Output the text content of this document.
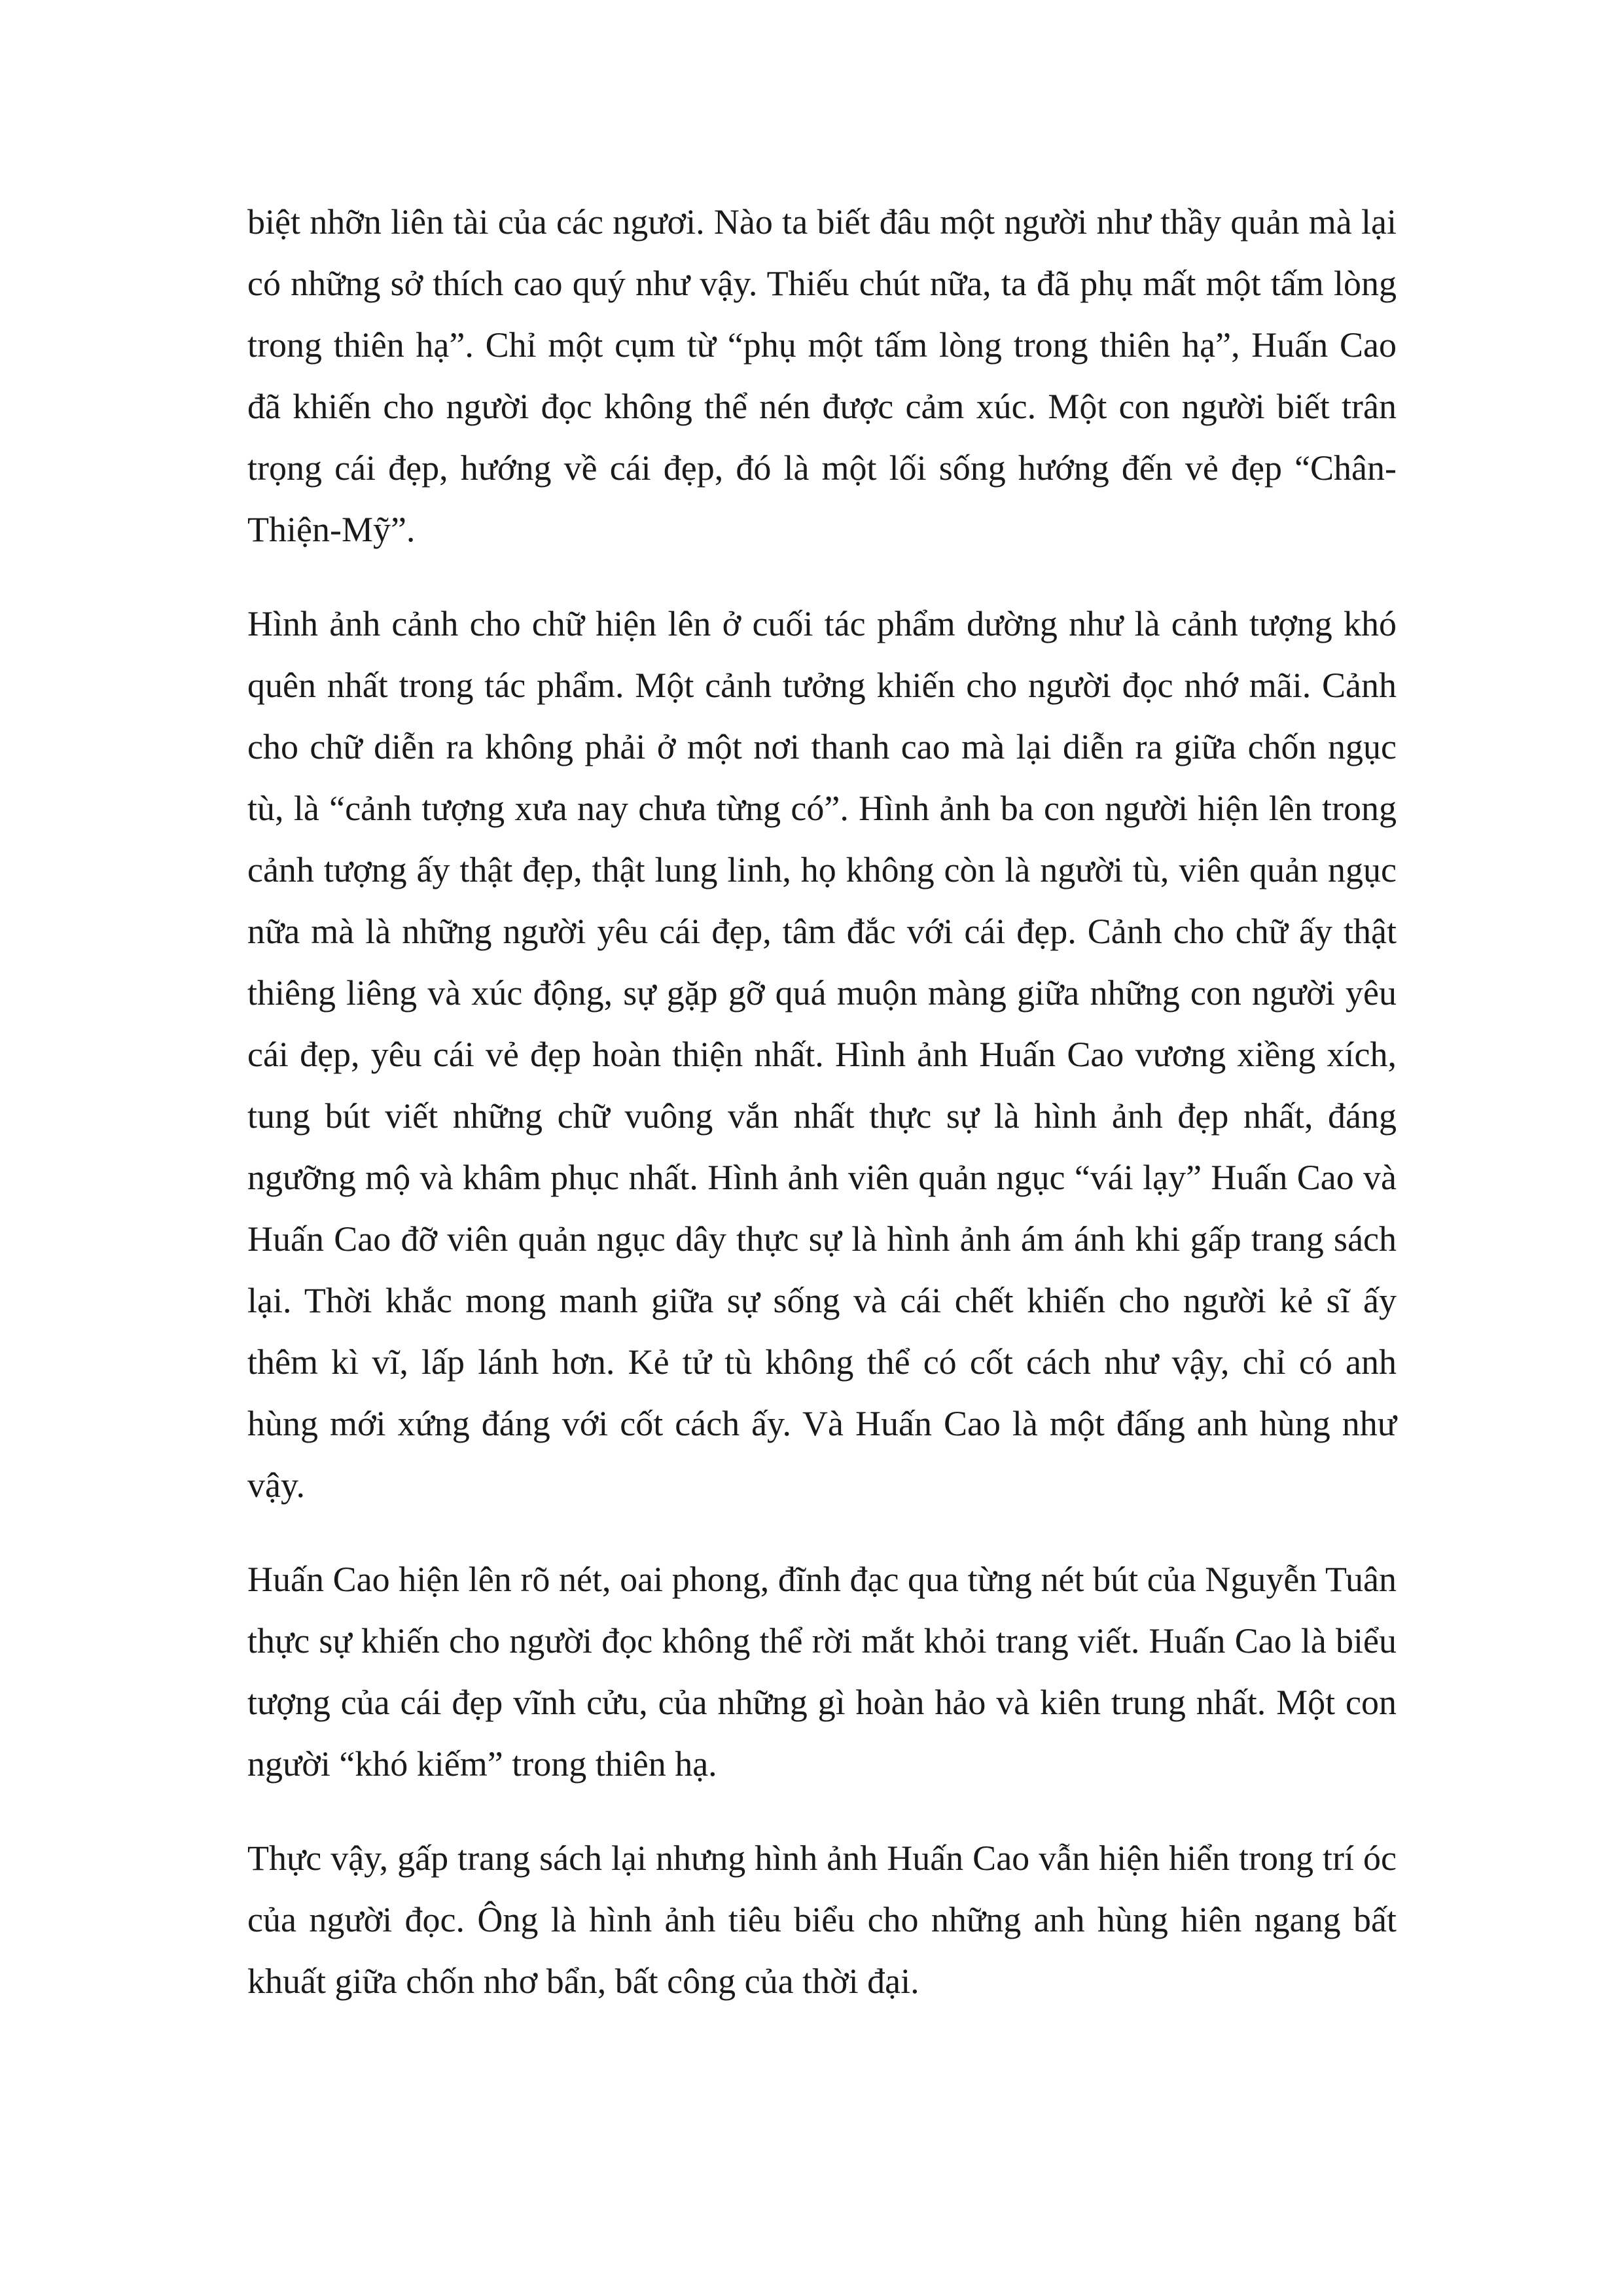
biệt nhỡn liên tài của các ngươi. Nào ta biết đâu một người như thầy quản mà lại có những sở thích cao quý như vậy. Thiếu chút nữa, ta đã phụ mất một tấm lòng trong thiên hạ”. Chỉ một cụm từ “phụ một tấm lòng trong thiên hạ”, Huấn Cao đã khiến cho người đọc không thể nén được cảm xúc. Một con người biết trân trọng cái đẹp, hướng về cái đẹp, đó là một lối sống hướng đến vẻ đẹp “Chân-Thiện-Mỹ”.

Hình ảnh cảnh cho chữ hiện lên ở cuối tác phẩm dường như là cảnh tượng khó quên nhất trong tác phẩm. Một cảnh tưởng khiến cho người đọc nhớ mãi. Cảnh cho chữ diễn ra không phải ở một nơi thanh cao mà lại diễn ra giữa chốn ngục tù, là “cảnh tượng xưa nay chưa từng có”. Hình ảnh ba con người hiện lên trong cảnh tượng ấy thật đẹp, thật lung linh, họ không còn là người tù, viên quản ngục nữa mà là những người yêu cái đẹp, tâm đắc với cái đẹp. Cảnh cho chữ ấy thật thiêng liêng và xúc động, sự gặp gỡ quá muộn màng giữa những con người yêu cái đẹp, yêu cái vẻ đẹp hoàn thiện nhất. Hình ảnh Huấn Cao vương xiềng xích, tung bút viết những chữ vuông vắn nhất thực sự là hình ảnh đẹp nhất, đáng ngưỡng mộ và khâm phục nhất. Hình ảnh viên quản ngục “vái lạy” Huấn Cao và Huấn Cao đỡ viên quản ngục dây thực sự là hình ảnh ám ánh khi gấp trang sách lại. Thời khắc mong manh giữa sự sống và cái chết khiến cho người kẻ sĩ ấy thêm kì vĩ, lấp lánh hơn. Kẻ tử tù không thể có cốt cách như vậy, chỉ có anh hùng mới xứng đáng với cốt cách ấy. Và Huấn Cao là một đấng anh hùng như vậy.

Huấn Cao hiện lên rõ nét, oai phong, đĩnh đạc qua từng nét bút của Nguyễn Tuân thực sự khiến cho người đọc không thể rời mắt khỏi trang viết. Huấn Cao là biểu tượng của cái đẹp vĩnh cửu, của những gì hoàn hảo và kiên trung nhất. Một con người “khó kiếm” trong thiên hạ.

Thực vậy, gấp trang sách lại nhưng hình ảnh Huấn Cao vẫn hiện hiển trong trí óc của người đọc. Ông là hình ảnh tiêu biểu cho những anh hùng hiên ngang bất khuất giữa chốn nhơ bẩn, bất công của thời đại.
